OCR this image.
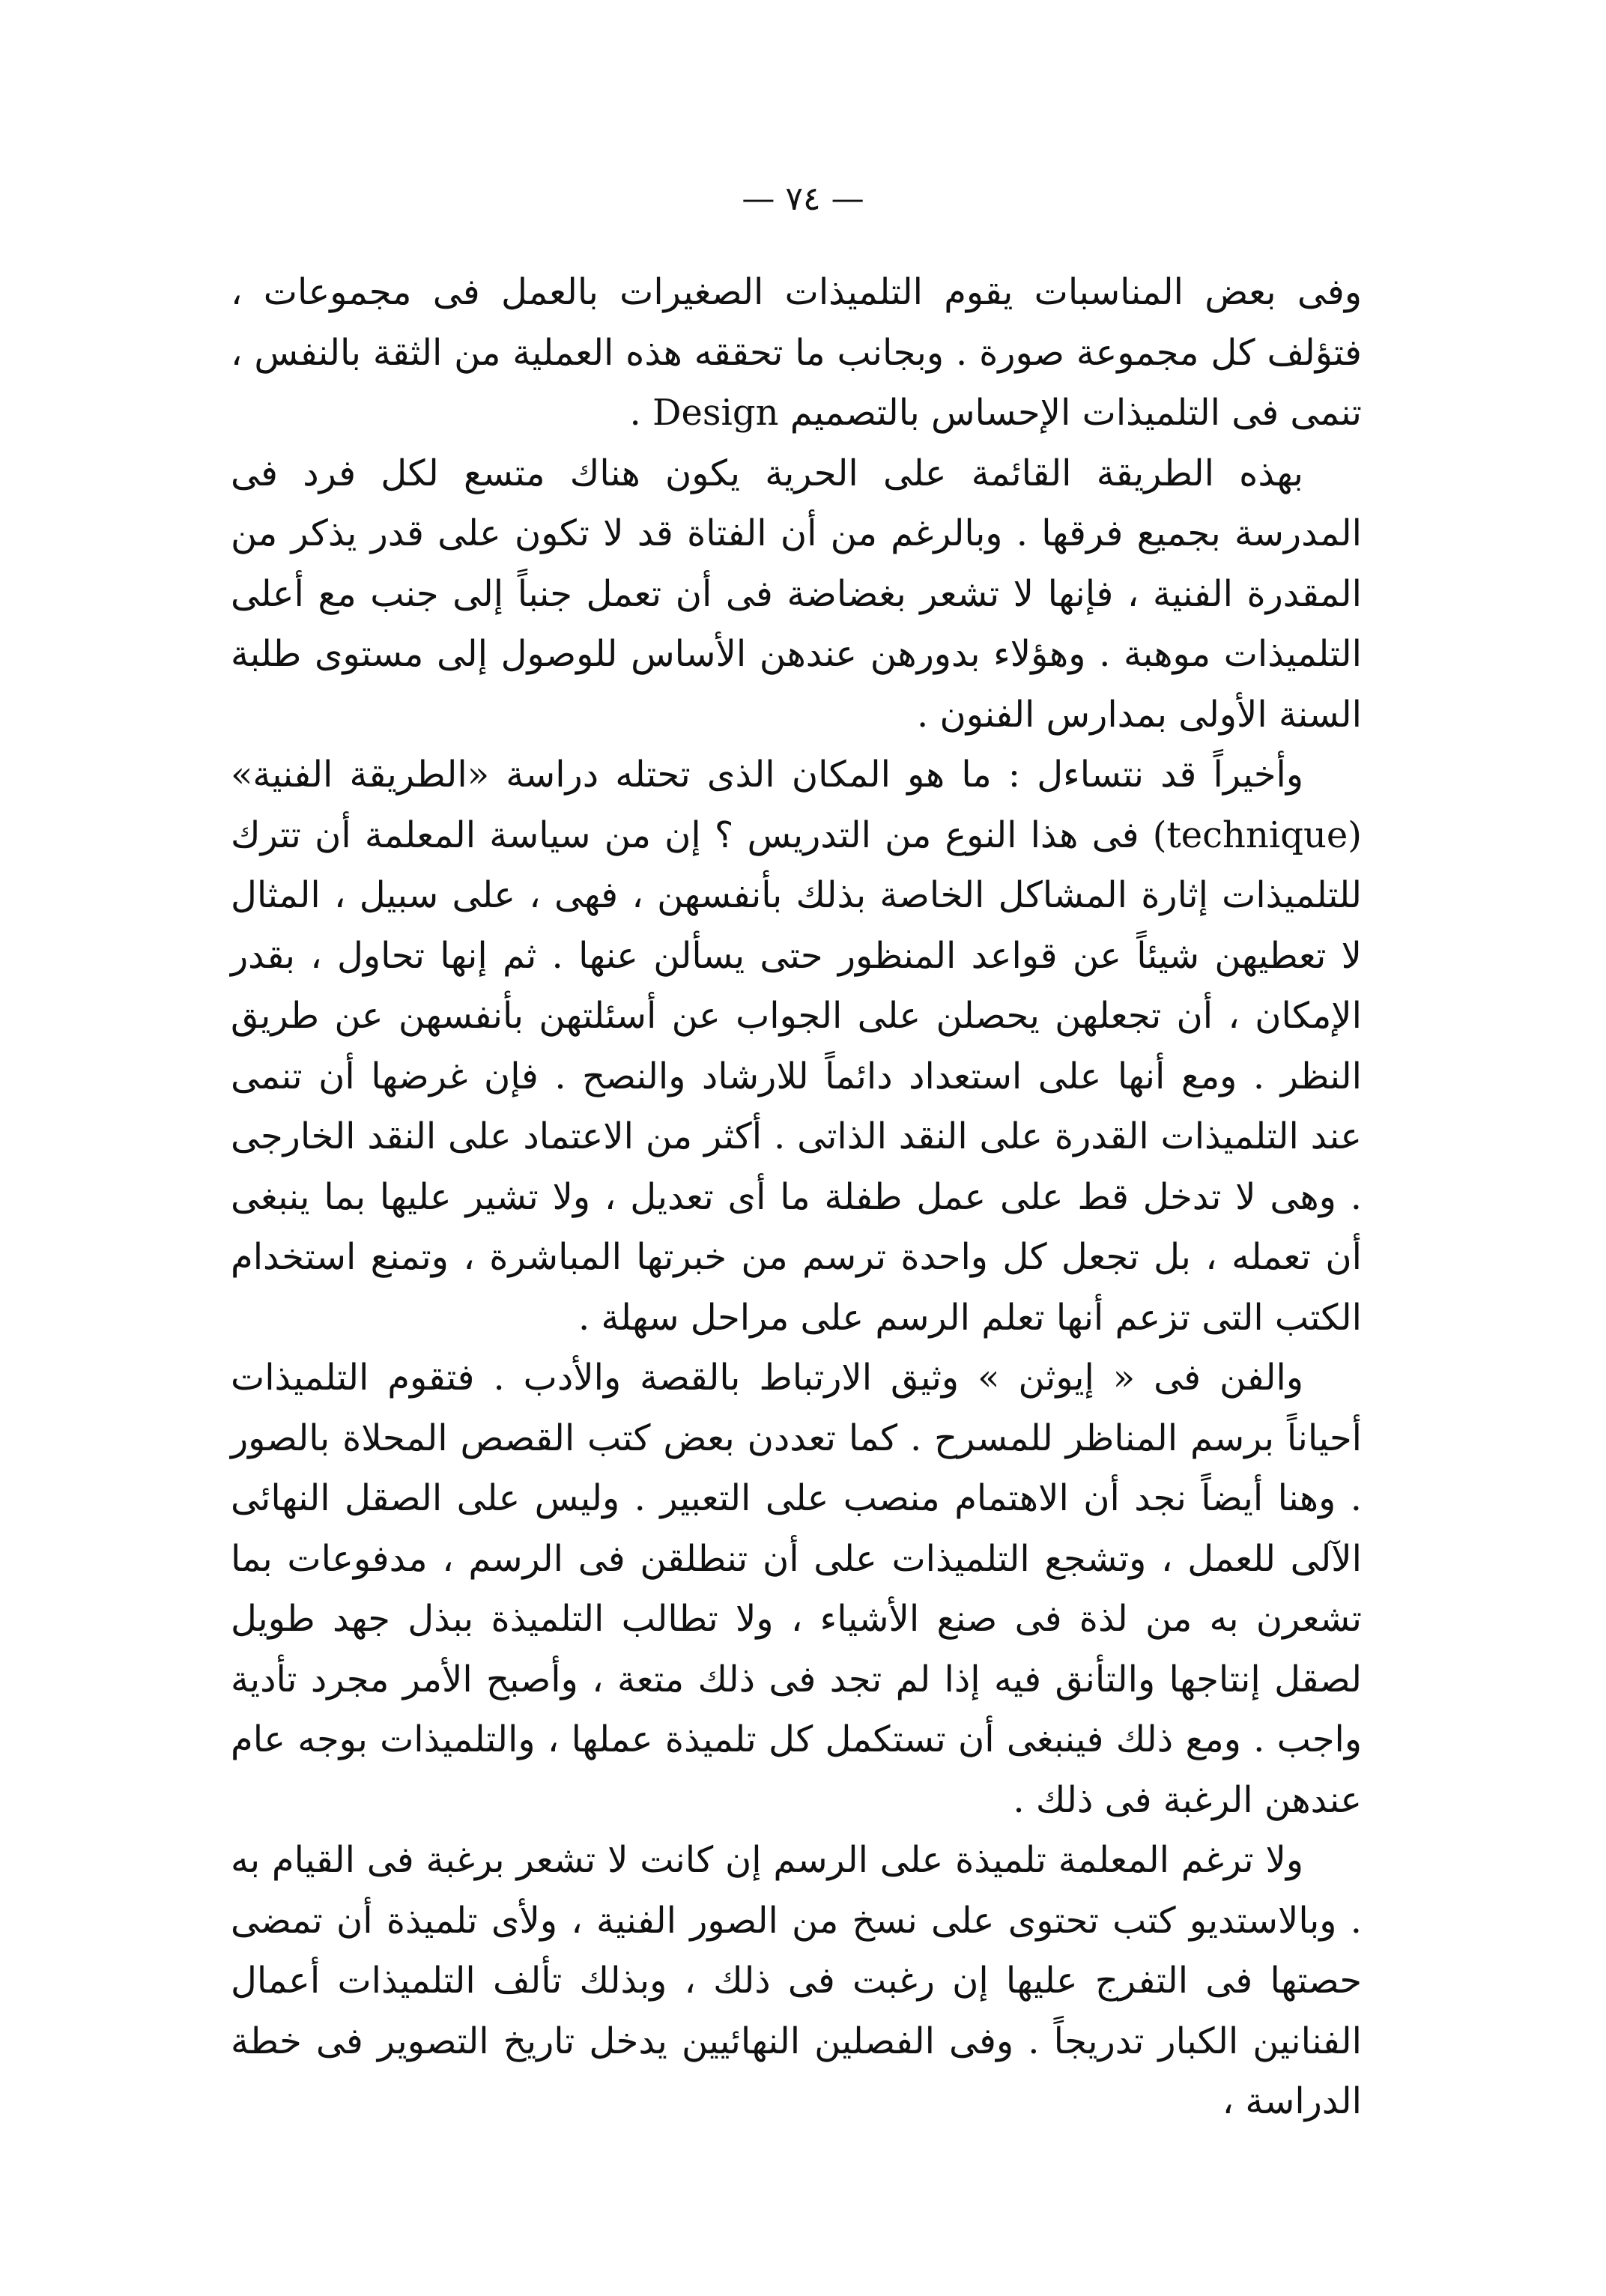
— ٧٤ —

وفى بعض المناسبات يقوم التلميذات الصغيرات بالعمل فى مجموعات ، فتؤلف كل مجموعة صورة . وبجانب ما تحققه هذه العملية من الثقة بالنفس ، تنمى فى التلميذات الإحساس بالتصميم Design .

بهذه الطريقة القائمة على الحرية يكون هناك متسع لكل فرد فى المدرسة بجميع فرقها . وبالرغم من أن الفتاة قد لا تكون على قدر يذكر من المقدرة الفنية ، فإنها لا تشعر بغضاضة فى أن تعمل جنباً إلى جنب مع أعلى التلميذات موهبة . وهؤلاء بدورهن عندهن الأساس للوصول إلى مستوى طلبة السنة الأولى بمدارس الفنون .

وأخيراً قد نتساءل : ما هو المكان الذى تحتله دراسة «الطريقة الفنية» (technique) فى هذا النوع من التدريس ؟ إن من سياسة المعلمة أن تترك للتلميذات إثارة المشاكل الخاصة بذلك بأنفسهن ، فهى ، على سبيل ، المثال لا تعطيهن شيئاً عن قواعد المنظور حتى يسألن عنها . ثم إنها تحاول ، بقدر الإمكان ، أن تجعلهن يحصلن على الجواب عن أسئلتهن بأنفسهن عن طريق النظر . ومع أنها على استعداد دائماً للارشاد والنصح . فإن غرضها أن تنمى عند التلميذات القدرة على النقد الذاتى . أكثر من الاعتماد على النقد الخارجى . وهى لا تدخل قط على عمل طفلة ما أى تعديل ، ولا تشير عليها بما ينبغى أن تعمله ، بل تجعل كل واحدة ترسم من خبرتها المباشرة ، وتمنع استخدام الكتب التى تزعم أنها تعلم الرسم على مراحل سهلة .

والفن فى « إيوثن » وثيق الارتباط بالقصة والأدب . فتقوم التلميذات أحياناً برسم المناظر للمسرح . كما تعددن بعض كتب القصص المحلاة بالصور . وهنا أيضاً نجد أن الاهتمام منصب على التعبير . وليس على الصقل النهائى الآلى للعمل ، وتشجع التلميذات على أن تنطلقن فى الرسم ، مدفوعات بما تشعرن به من لذة فى صنع الأشياء ، ولا تطالب التلميذة ببذل جهد طويل لصقل إنتاجها والتأنق فيه إذا لم تجد فى ذلك متعة ، وأصبح الأمر مجرد تأدية واجب . ومع ذلك فينبغى أن تستكمل كل تلميذة عملها ، والتلميذات بوجه عام عندهن الرغبة فى ذلك .

ولا ترغم المعلمة تلميذة على الرسم إن كانت لا تشعر برغبة فى القيام به . وبالاستديو كتب تحتوى على نسخ من الصور الفنية ، ولأى تلميذة أن تمضى حصتها فى التفرج عليها إن رغبت فى ذلك ، وبذلك تألف التلميذات أعمال الفنانين الكبار تدريجاً . وفى الفصلين النهائيين يدخل تاريخ التصوير فى خطة الدراسة ،
